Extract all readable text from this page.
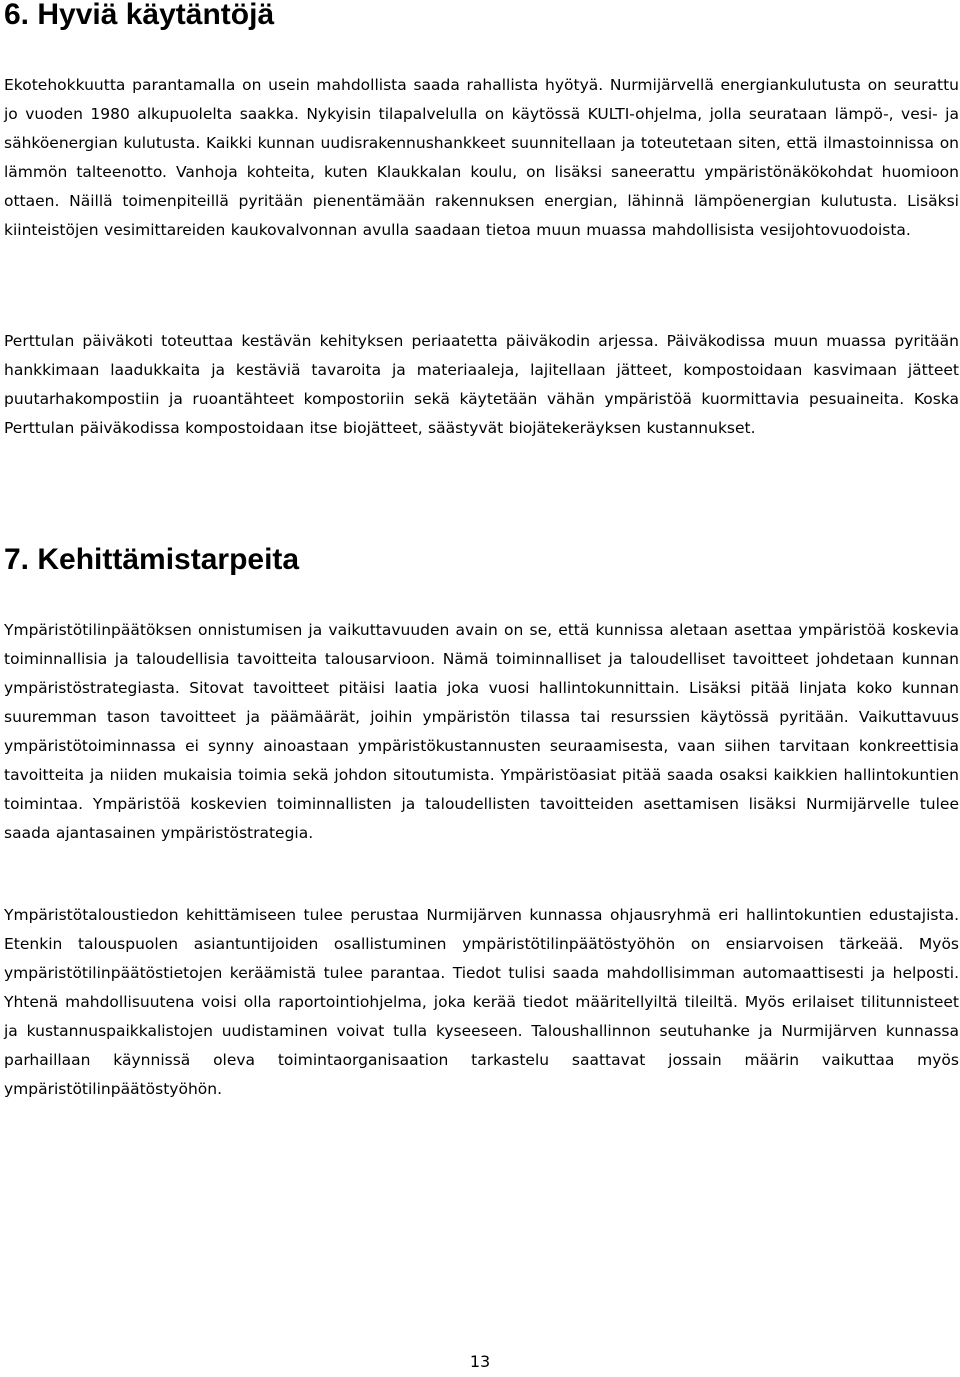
6. Hyviä käytäntöjä

Ekotehokkuutta parantamalla on usein mahdollista saada rahallista hyötyä. Nurmijärvellä energiankulutusta on seurattu jo vuoden 1980 alkupuolelta saakka. Nykyisin tilapalvelulla on käytössä KULTI-ohjelma, jolla seurataan lämpö-, vesi- ja sähköenergian kulutusta. Kaikki kunnan uudisrakennushankkeet suunnitellaan ja toteutetaan siten, että ilmastoinnissa on lämmön talteenotto. Vanhoja kohteita, kuten Klaukkalan koulu, on lisäksi saneerattu ympäristönäkökohdat huomioon ottaen. Näillä toimenpiteillä pyritään pienentämään rakennuksen energian, lähinnä lämpöenergian kulutusta. Lisäksi kiinteistöjen vesimittareiden kaukovalvonnan avulla saadaan tietoa muun muassa mahdollisista vesijohtovuodoista.

Perttulan päiväkoti toteuttaa kestävän kehityksen periaatetta päiväkodin arjessa. Päiväkodissa muun muassa pyritään hankkimaan laadukkaita ja kestäviä tavaroita ja materiaaleja, lajitellaan jätteet, kompostoidaan kasvimaan jätteet puutarhakompostiin ja ruoantähteet kompostoriin sekä käytetään vähän ympäristöä kuormittavia pesuaineita. Koska Perttulan päiväkodissa kompostoidaan itse biojätteet, säästyvät biojätekeräyksen kustannukset.

7. Kehittämistarpeita

Ympäristötilinpäätöksen onnistumisen ja vaikuttavuuden avain on se, että kunnissa aletaan asettaa ympäristöä koskevia toiminnallisia ja taloudellisia tavoitteita talousarvioon. Nämä toiminnalliset ja taloudelliset tavoitteet johdetaan kunnan ympäristöstrategiasta. Sitovat tavoitteet pitäisi laatia joka vuosi hallintokunnittain. Lisäksi pitää linjata koko kunnan suuremman tason tavoitteet ja päämäärät, joihin ympäristön tilassa tai resurssien käytössä pyritään. Vaikuttavuus ympäristötoiminnassa ei synny ainoastaan ympäristökustannusten seuraamisesta, vaan siihen tarvitaan konkreettisia tavoitteita ja niiden mukaisia toimia sekä johdon sitoutumista. Ympäristöasiat pitää saada osaksi kaikkien hallintokuntien toimintaa. Ympäristöä koskevien toiminnallisten ja taloudellisten tavoitteiden asettamisen lisäksi Nurmijärvelle tulee saada ajantasainen ympäristöstrategia.

Ympäristötaloustiedon kehittämiseen tulee perustaa Nurmijärven kunnassa ohjausryhmä eri hallintokuntien edustajista. Etenkin talouspuolen asiantuntijoiden osallistuminen ympäristötilinpäätöstyöhön on ensiarvoisen tärkeää. Myös ympäristötilinpäätöstietojen keräämistä tulee parantaa. Tiedot tulisi saada mahdollisimman automaattisesti ja helposti. Yhtenä mahdollisuutena voisi olla raportointiohjelma, joka kerää tiedot määritellyiltä tileiltä. Myös erilaiset tilitunnisteet ja kustannuspaikkalistojen uudistaminen voivat tulla kyseeseen. Taloushallinnon seutuhanke ja Nurmijärven kunnassa parhaillaan käynnissä oleva toimintaorganisaation tarkastelu saattavat jossain määrin vaikuttaa myös ympäristötilinpäätöstyöhön.

13
